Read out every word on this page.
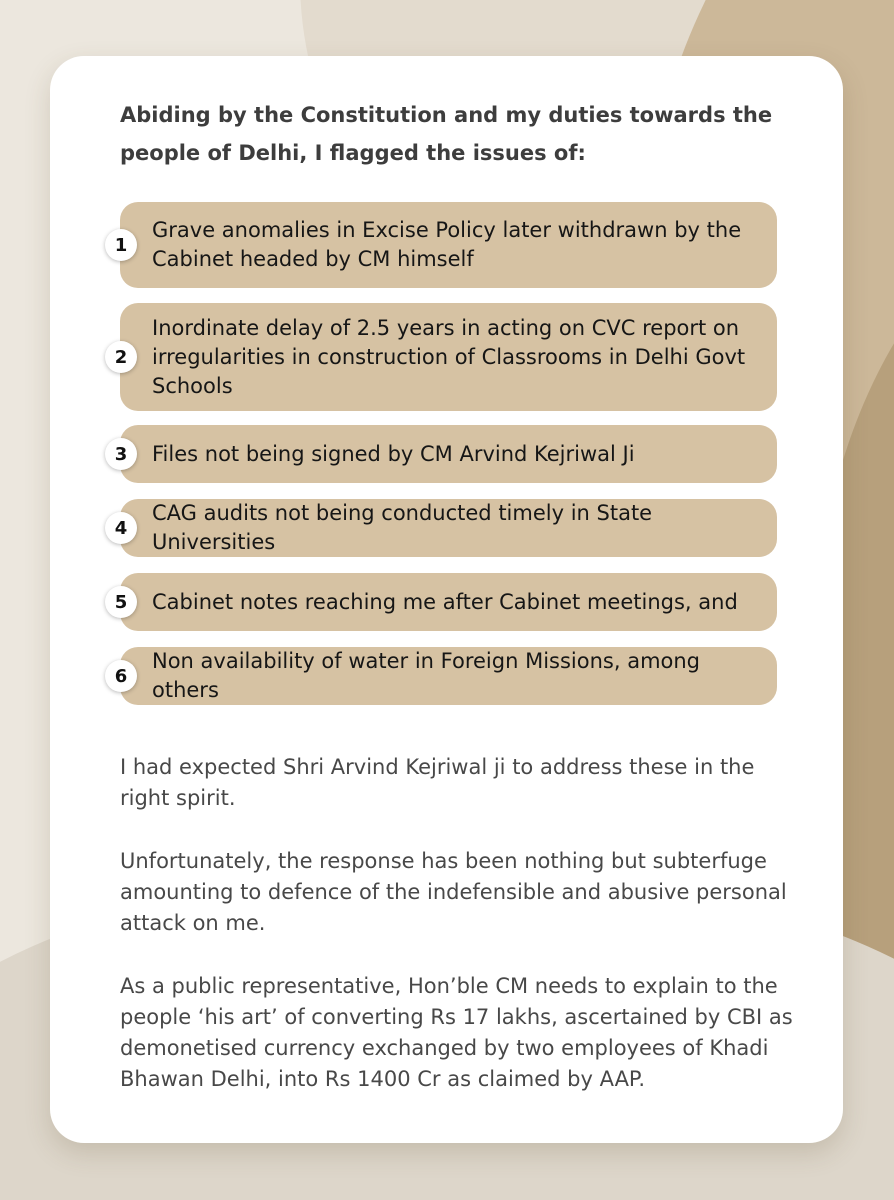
Abiding by the Constitution and my duties towards the people of Delhi, I flagged the issues of:

1
Grave anomalies in Excise Policy later withdrawn by the Cabinet headed by CM himself
2
Inordinate delay of 2.5 years in acting on CVC report on irregularities in construction of Classrooms in Delhi Govt Schools
3	Files not being signed by CM Arvind Kejriwal Ji
4
CAG audits not being conducted timely in State Universities
5	Cabinet notes reaching me after Cabinet meetings, and
6
Non availability of water in Foreign Missions, among others

I had expected Shri Arvind Kejriwal ji to address these in the right spirit.

Unfortunately, the response has been nothing but subterfuge amounting to defence of the indefensible and abusive personal attack on me.

As a public representative, Hon’ble CM needs to explain to the people ‘his art’ of converting Rs 17 lakhs, ascertained by CBI as demonetised currency exchanged by two employees of Khadi Bhawan Delhi, into Rs 1400 Cr as claimed by AAP.
